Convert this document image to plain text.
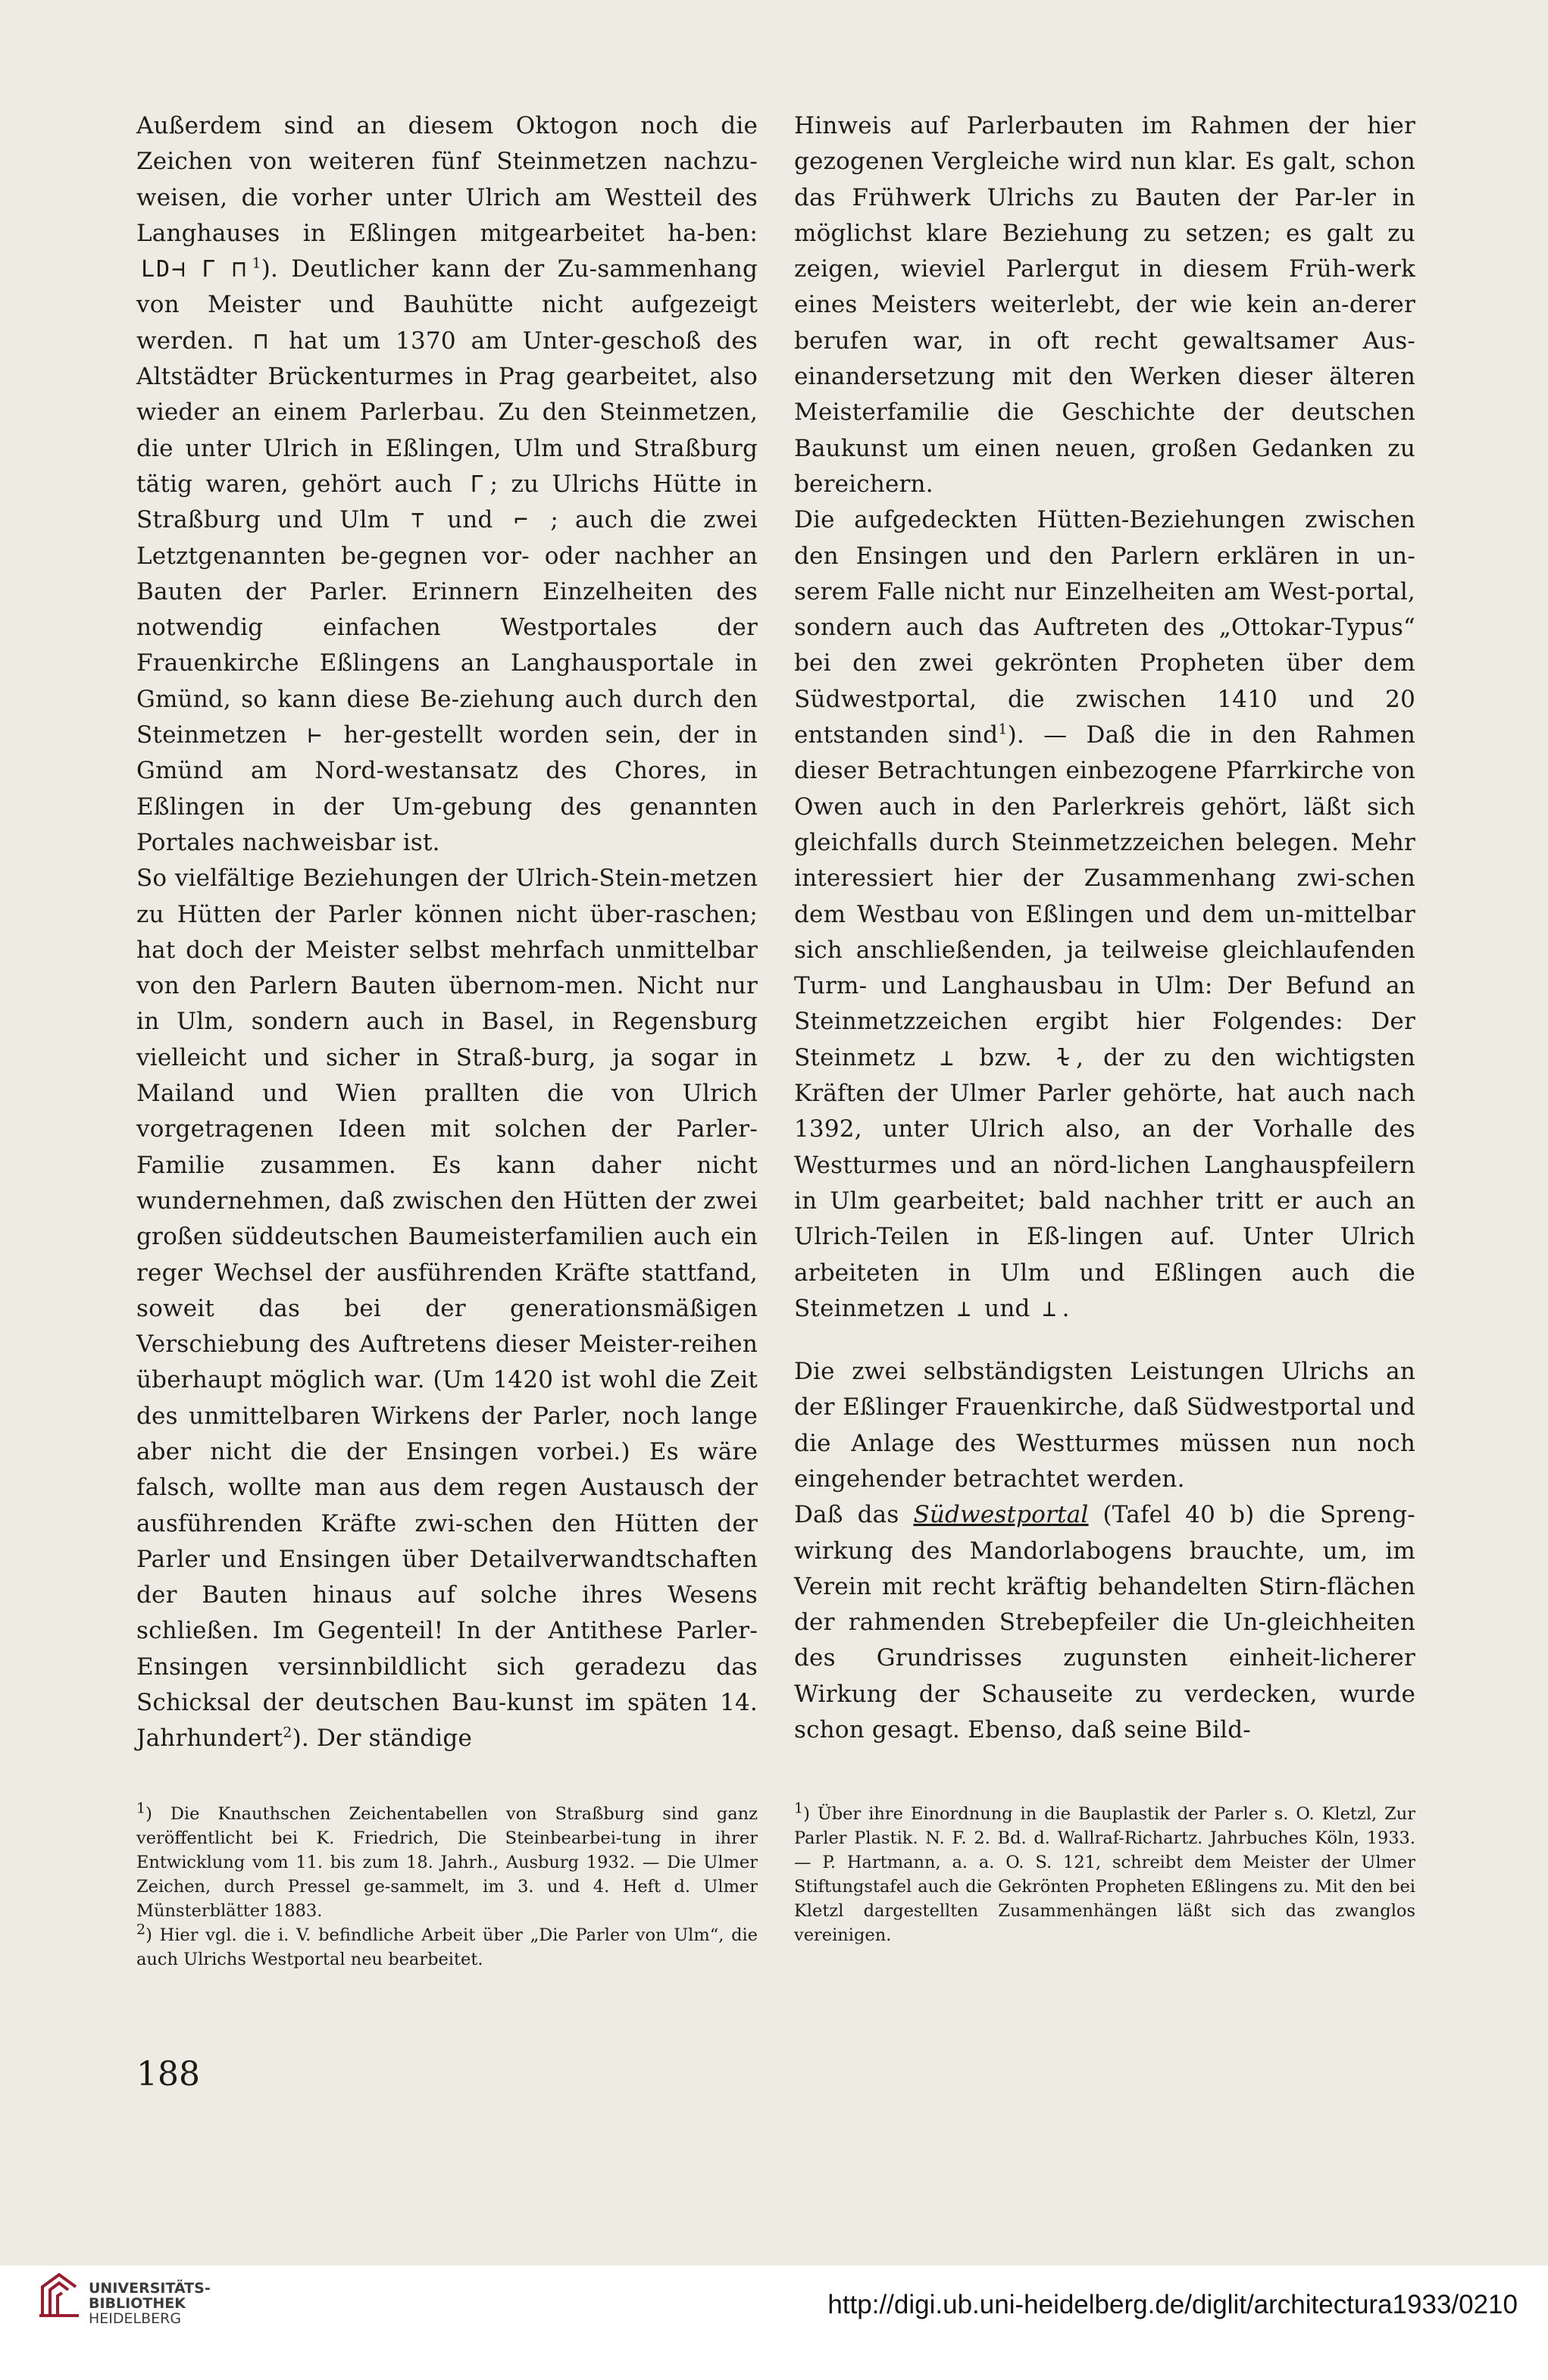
Außerdem sind an diesem Oktogon noch die Zeichen von weiteren fünf Steinmetzen nachzu-weisen, die vorher unter Ulrich am Westteil des Langhauses in Eßlingen mitgearbeitet ha-ben: LD⊣ Γ ⊓ $^1$). Deutlicher kann der Zu-sammenhang von Meister und Bauhütte nicht aufgezeigt werden. ⊓ hat um 1370 am Unter-geschoß des Altstädter Brückenturmes in Prag gearbeitet, also wieder an einem Parlerbau. Zu den Steinmetzen, die unter Ulrich in Eßlingen, Ulm und Straßburg tätig waren, gehört auch Γ ; zu Ulrichs Hütte in Straßburg und Ulm ⊤ und ⌐ ; auch die zwei Letztgenannten be-gegnen vor- oder nachher an Bauten der Parler. Erinnern Einzelheiten des notwendig einfachen Westportales der Frauenkirche Eßlingens an Langhausportale in Gmünd, so kann diese Be-ziehung auch durch den Steinmetzen ⊢ her-gestellt worden sein, der in Gmünd am Nord-westansatz des Chores, in Eßlingen in der Um-gebung des genannten Portales nachweisbar ist.

So vielfältige Beziehungen der Ulrich-Stein-metzen zu Hütten der Parler können nicht über-raschen; hat doch der Meister selbst mehrfach unmittelbar von den Parlern Bauten übernom-men. Nicht nur in Ulm, sondern auch in Basel, in Regensburg vielleicht und sicher in Straß-burg, ja sogar in Mailand und Wien prallten die von Ulrich vorgetragenen Ideen mit solchen der Parler-Familie zusammen. Es kann daher nicht wundernehmen, daß zwischen den Hütten der zwei großen süddeutschen Baumeisterfamilien auch ein reger Wechsel der ausführenden Kräfte stattfand, soweit das bei der generationsmäßigen Verschiebung des Auftretens dieser Meister-reihen überhaupt möglich war. (Um 1420 ist wohl die Zeit des unmittelbaren Wirkens der Parler, noch lange aber nicht die der Ensingen vorbei.) Es wäre falsch, wollte man aus dem regen Austausch der ausführenden Kräfte zwi-schen den Hütten der Parler und Ensingen über Detailverwandtschaften der Bauten hinaus auf solche ihres Wesens schließen. Im Gegenteil! In der Antithese Parler-Ensingen versinnbildlicht sich geradezu das Schicksal der deutschen Bau-kunst im späten 14. Jahrhundert$^2$). Der ständige

Hinweis auf Parlerbauten im Rahmen der hier gezogenen Vergleiche wird nun klar. Es galt, schon das Frühwerk Ulrichs zu Bauten der Par-ler in möglichst klare Beziehung zu setzen; es galt zu zeigen, wieviel Parlergut in diesem Früh-werk eines Meisters weiterlebt, der wie kein an-derer berufen war, in oft recht gewaltsamer Aus-einandersetzung mit den Werken dieser älteren Meisterfamilie die Geschichte der deutschen Baukunst um einen neuen, großen Gedanken zu bereichern.

Die aufgedeckten Hütten-Beziehungen zwischen den Ensingen und den Parlern erklären in un-serem Falle nicht nur Einzelheiten am West-portal, sondern auch das Auftreten des „Ottokar-Typus“ bei den zwei gekrönten Propheten über dem Südwestportal, die zwischen 1410 und 20 entstanden sind$^1$). — Daß die in den Rahmen dieser Betrachtungen einbezogene Pfarrkirche von Owen auch in den Parlerkreis gehört, läßt sich gleichfalls durch Steinmetzzeichen belegen. Mehr interessiert hier der Zusammenhang zwi-schen dem Westbau von Eßlingen und dem un-mittelbar sich anschließenden, ja teilweise gleichlaufenden Turm- und Langhausbau in Ulm: Der Befund an Steinmetzzeichen ergibt hier Folgendes: Der Steinmetz ⊥ bzw. ɫ , der zu den wichtigsten Kräften der Ulmer Parler gehörte, hat auch nach 1392, unter Ulrich also, an der Vorhalle des Westturmes und an nörd-lichen Langhauspfeilern in Ulm gearbeitet; bald nachher tritt er auch an Ulrich-Teilen in Eß-lingen auf. Unter Ulrich arbeiteten in Ulm und Eßlingen auch die Steinmetzen ⊥ und ⊥ .

Die zwei selbständigsten Leistungen Ulrichs an der Eßlinger Frauenkirche, daß Südwestportal und die Anlage des Westturmes müssen nun noch eingehender betrachtet werden.

Daß das Südwestportal (Tafel 40 b) die Spreng-wirkung des Mandorlabogens brauchte, um, im Verein mit recht kräftig behandelten Stirn-flächen der rahmenden Strebepfeiler die Un-gleichheiten des Grundrisses zugunsten einheit-licherer Wirkung der Schauseite zu verdecken, wurde schon gesagt. Ebenso, daß seine Bild-

$^1$) Die Knauthschen Zeichentabellen von Straßburg sind ganz veröffentlicht bei K. Friedrich, Die Steinbearbei-tung in ihrer Entwicklung vom 11. bis zum 18. Jahrh., Ausburg 1932. — Die Ulmer Zeichen, durch Pressel ge-sammelt, im 3. und 4. Heft d. Ulmer Münsterblätter 1883.

$^2$) Hier vgl. die i. V. befindliche Arbeit über „Die Parler von Ulm“, die auch Ulrichs Westportal neu bearbeitet.

$^1$) Über ihre Einordnung in die Bauplastik der Parler s. O. Kletzl, Zur Parler Plastik. N. F. 2. Bd. d. Wallraf-Richartz. Jahrbuches Köln, 1933. — P. Hartmann, a. a. O. S. 121, schreibt dem Meister der Ulmer Stiftungstafel auch die Gekrönten Propheten Eßlingens zu. Mit den bei Kletzl dargestellten Zusammenhängen läßt sich das zwanglos vereinigen.

188
UNIVERSITÄTS-
BIBLIOTHEK
HEIDELBERG	http://digi.ub.uni-heidelberg.de/diglit/architectura1933/0210
